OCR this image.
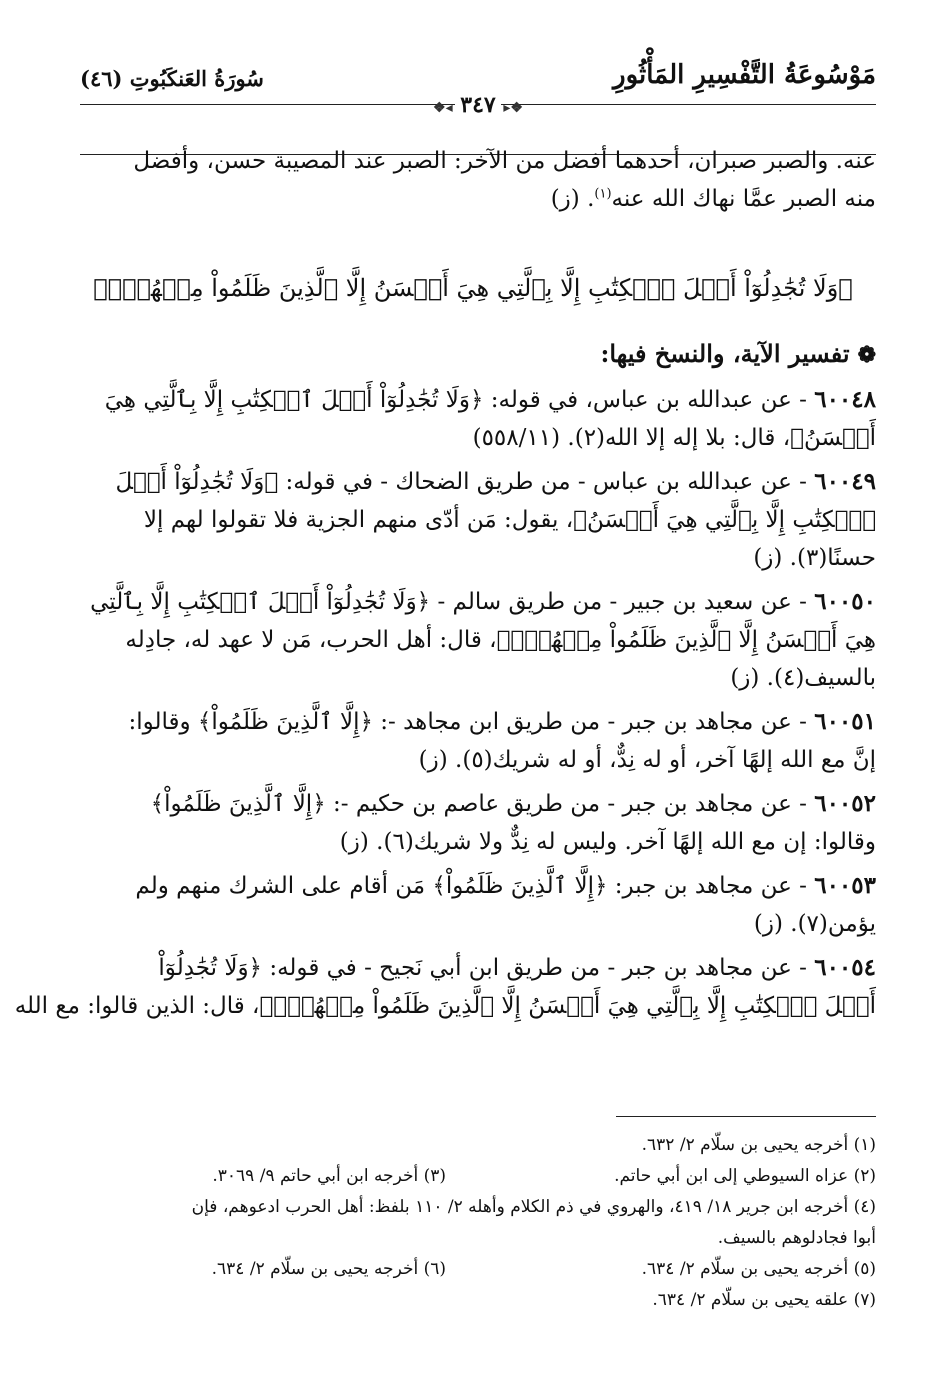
مَوْسُوعَةُ التَّفْسِيرِ المَأْثُورِ
سُورَةُ العَنكَبُوتِ (٤٦)
❖▸ ٣٤٧ ◂❖
عنه. والصبر صبران، أحدهما أفضل من الآخر: الصبر عند المصيبة حسن، وأفضل
منه الصبر عمَّا نهاك الله عنه$^{(١)}$. (ز)
﴿وَلَا تُجَٰدِلُوٓاْ أَهۡلَ ٱلۡكِتَٰبِ إِلَّا بِٱلَّتِي هِيَ أَحۡسَنُ إِلَّا ٱلَّذِينَ ظَلَمُواْ مِنۡهُمۡۖ﴾
❁تفسير الآية، والنسخ فيها:
٦٠٠٤٨ - عن عبدالله بن عباس، في قوله: ﴿وَلَا تُجَٰدِلُوٓاْ أَهۡلَ ٱلۡكِتَٰبِ إِلَّا بِٱلَّتِي هِيَ
أَحۡسَنُ﴾، قال: بلا إله إلا الله(٢). (٥٥٨/١١)
٦٠٠٤٩ - عن عبدالله بن عباس - من طريق الضحاك - في قوله: ﴿وَلَا تُجَٰدِلُوٓاْ أَهۡلَ
ٱلۡكِتَٰبِ إِلَّا بِٱلَّتِي هِيَ أَحۡسَنُ﴾، يقول: مَن أدّى منهم الجزية فلا تقولوا لهم إلا
حسنًا(٣). (ز)
٦٠٠٥٠ - عن سعيد بن جبير - من طريق سالم - ﴿وَلَا تُجَٰدِلُوٓاْ أَهۡلَ ٱلۡكِتَٰبِ إِلَّا بِٱلَّتِي
هِيَ أَحۡسَنُ إِلَّا ٱلَّذِينَ ظَلَمُواْ مِنۡهُمۡۖ﴾، قال: أهل الحرب، مَن لا عهد له، جادِله
بالسيف(٤). (ز)
٦٠٠٥١ - عن مجاهد بن جبر - من طريق ابن مجاهد -: ﴿إِلَّا ٱلَّذِينَ ظَلَمُواْ﴾ وقالوا:
إنَّ مع الله إلهًا آخر، أو له نِدٌّ، أو له شريك(٥). (ز)
٦٠٠٥٢ - عن مجاهد بن جبر - من طريق عاصم بن حكيم -: ﴿إِلَّا ٱلَّذِينَ ظَلَمُواْ﴾
وقالوا: إن مع الله إلهًا آخر. وليس له نِدٌّ ولا شريك(٦). (ز)
٦٠٠٥٣ - عن مجاهد بن جبر: ﴿إِلَّا ٱلَّذِينَ ظَلَمُواْ﴾ مَن أقام على الشرك منهم ولم
يؤمن(٧). (ز)
٦٠٠٥٤ - عن مجاهد بن جبر - من طريق ابن أبي نَجيح - في قوله: ﴿وَلَا تُجَٰدِلُوٓاْ
أَهۡلَ ٱلۡكِتَٰبِ إِلَّا بِٱلَّتِي هِيَ أَحۡسَنُ إِلَّا ٱلَّذِينَ ظَلَمُواْ مِنۡهُمۡۖ﴾، قال: الذين قالوا: مع الله
(١) أخرجه يحيى بن سلّام ٢/ ٦٣٢.
(٢) عزاه السيوطي إلى ابن أبي حاتم.
(٣) أخرجه ابن أبي حاتم ٩/ ٣٠٦٩.
(٤) أخرجه ابن جرير ١٨/ ٤١٩، والهروي في ذم الكلام وأهله ٢/ ١١٠ بلفظ: أهل الحرب ادعوهم، فإن
أبوا فجادلوهم بالسيف.
(٥) أخرجه يحيى بن سلّام ٢/ ٦٣٤.
(٦) أخرجه يحيى بن سلّام ٢/ ٦٣٤.
(٧) علقه يحيى بن سلّام ٢/ ٦٣٤.
